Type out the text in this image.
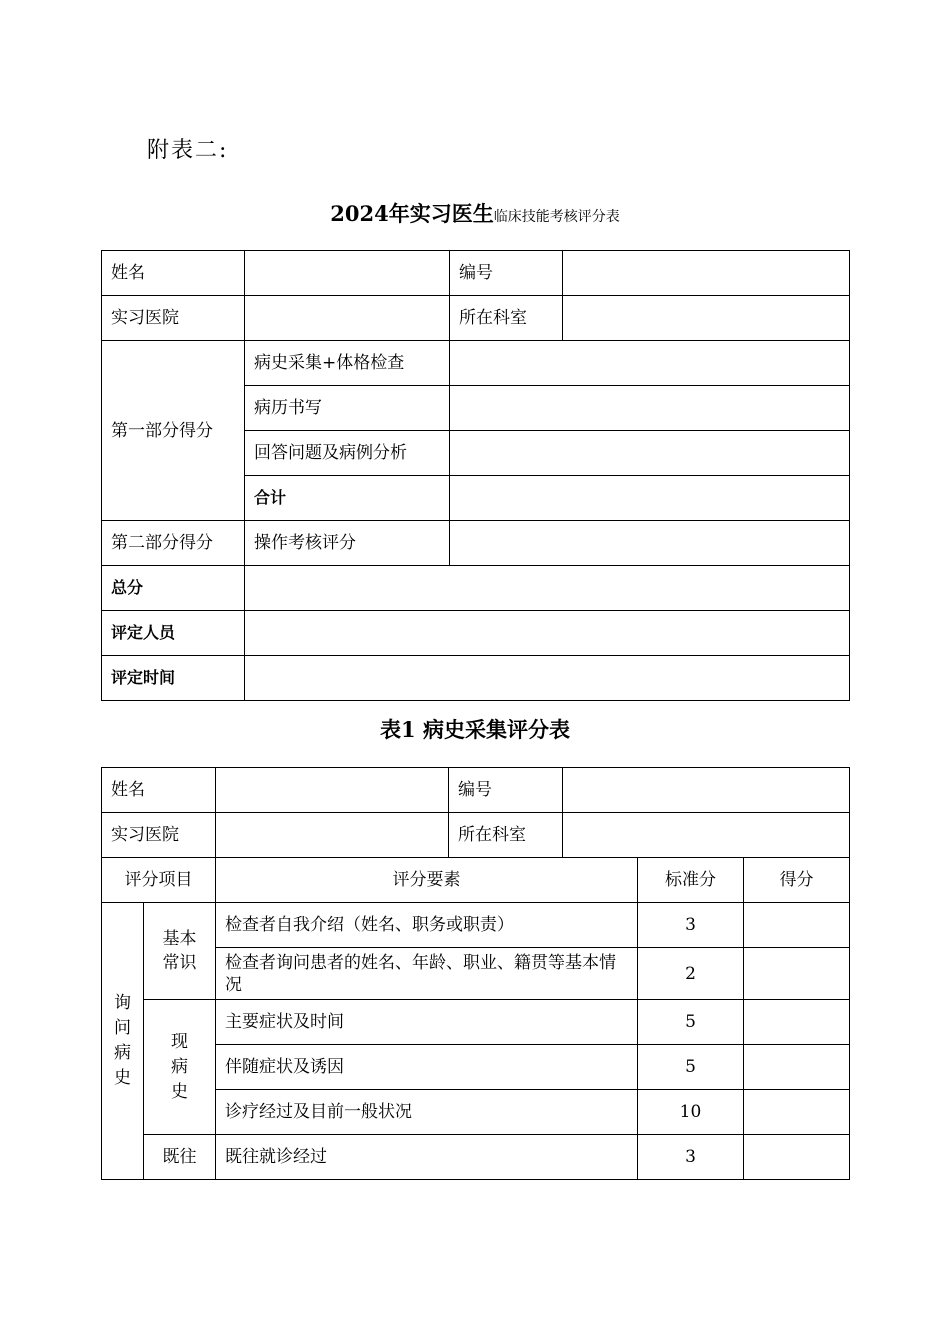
附表二:
2024年实习医生临床技能考核评分表
姓名		编号	
实习医院		所在科室	
第一部分得分	病史采集+体格检查		
	病历书写		
	回答问题及病例分析		
	合计		
第二部分得分	操作考核评分		
总分			
评定人员			
评定时间			
表1 病史采集评分表
姓名			编号			
实习医院			所在科室			
评分项目		评分要素			标准分	得分
询问病史	基本常识	检查者自我介绍（姓名、职务或职责）			3	
		检查者询问患者的姓名、年龄、职业、籍贯等基本情况			2	
	现病史	主要症状及时间			5	
		伴随症状及诱因			5	
		诊疗经过及目前一般状况			10	
	既往	既往就诊经过			3	
